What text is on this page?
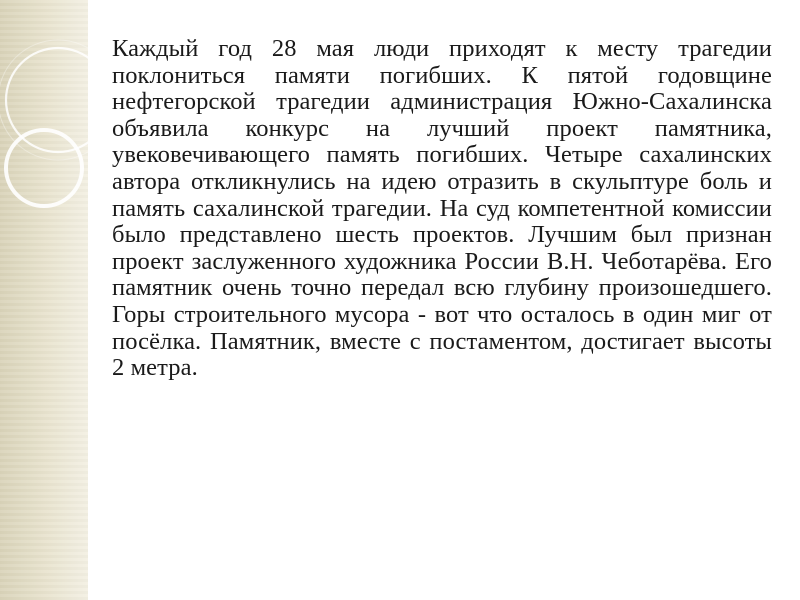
Каждый год 28 мая люди приходят к месту трагедии поклониться памяти погибших. К пятой годовщине нефтегорской трагедии администрация Южно-Сахалинска объявила конкурс на лучший проект памятника, увековечивающего память погибших. Четыре сахалинских автора откликнулись на идею отразить в скульптуре боль и память сахалинской трагедии. На суд компетентной комиссии было представлено шесть проектов. Лучшим был признан проект заслуженного художника России В.Н. Чеботарёва. Его памятник очень точно передал всю глубину произошедшего. Горы строительного мусора - вот что осталось в один миг от посёлка. Памятник, вместе с постаментом, достигает высоты 2 метра.
